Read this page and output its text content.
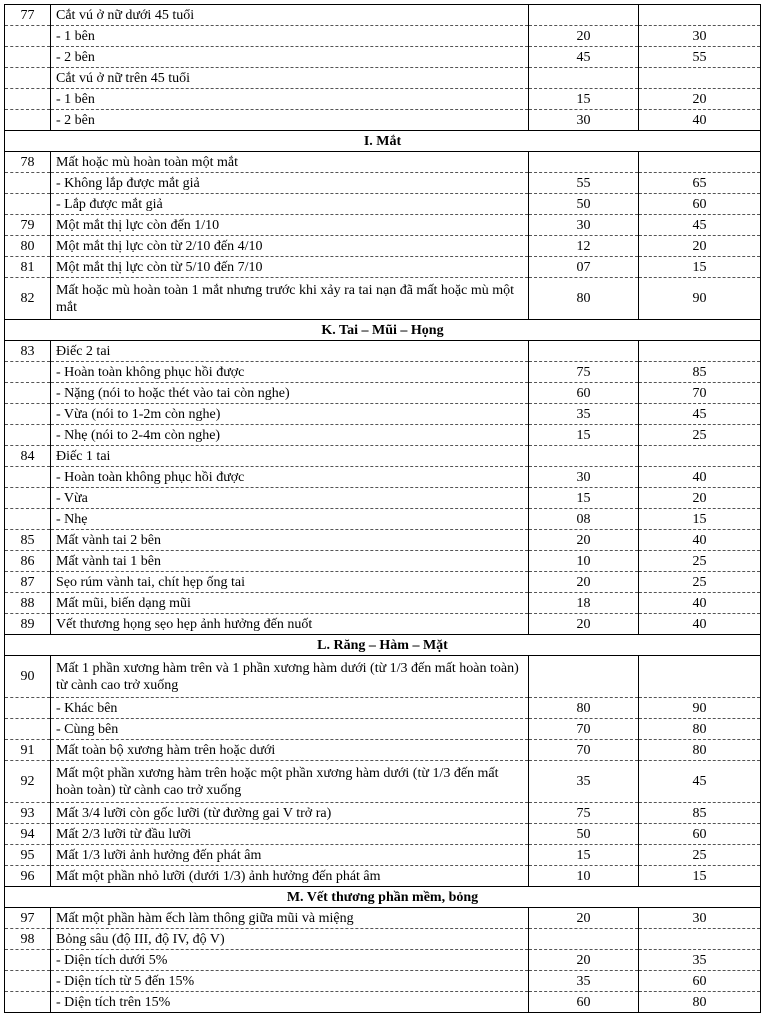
77	Cắt vú ở nữ dưới 45 tuổi		
	- 1 bên	20	30
	- 2 bên	45	55
	Cắt vú ở nữ trên 45 tuổi		
	- 1 bên	15	20
	- 2 bên	30	40
I. Mắt			
78	Mất hoặc mù hoàn toàn một mắt		
	- Không lắp được mắt giả	55	65
	- Lắp được mắt giả	50	60
79	Một mắt thị lực còn đến 1/10	30	45
80	Một mắt thị lực còn từ 2/10 đến 4/10	12	20
81	Một mắt thị lực còn từ 5/10 đến 7/10	07	15
82	Mất hoặc mù hoàn toàn 1 mắt nhưng trước khi xảy ra tai nạn đã mất hoặc mù một mắt	80	90
K. Tai – Mũi – Họng			
83	Điếc 2 tai		
	- Hoàn toàn không phục hồi được	75	85
	- Nặng (nói to hoặc thét vào tai còn nghe)	60	70
	- Vừa (nói to 1-2m còn nghe)	35	45
	- Nhẹ (nói to 2-4m còn nghe)	15	25
84	Điếc 1 tai		
	- Hoàn toàn không phục hồi được	30	40
	- Vừa	15	20
	- Nhẹ	08	15
85	Mất vành tai 2 bên	20	40
86	Mất vành tai 1 bên	10	25
87	Sẹo rúm vành tai, chít hẹp ống tai	20	25
88	Mất mũi, biến dạng mũi	18	40
89	Vết thương họng sẹo hẹp ảnh hưởng đến nuốt	20	40
L. Răng – Hàm – Mặt			
90	Mất 1 phần xương hàm trên và 1 phần xương hàm dưới (từ 1/3 đến mất hoàn toàn) từ cành cao trở xuống		
	- Khác bên	80	90
	- Cùng bên	70	80
91	Mất toàn bộ xương hàm trên hoặc dưới	70	80
92	Mất một phần xương hàm trên hoặc một phần xương hàm dưới (từ 1/3 đến mất hoàn toàn) từ cành cao trở xuống	35	45
93	Mất 3/4 lưỡi còn gốc lưỡi (từ đường gai V trở ra)	75	85
94	Mất 2/3 lưỡi từ đầu lưỡi	50	60
95	Mất 1/3 lưỡi ảnh hưởng đến phát âm	15	25
96	Mất một phần nhỏ lưỡi (dưới 1/3) ảnh hưởng đến phát âm	10	15
M. Vết thương phần mềm, bỏng			
97	Mất một phần hàm ếch làm thông giữa mũi và miệng	20	30
98	Bỏng sâu (độ III, độ IV, độ V)		
	- Diện tích dưới 5%	20	35
	- Diện tích từ 5 đến 15%	35	60
	- Diện tích trên 15%	60	80
